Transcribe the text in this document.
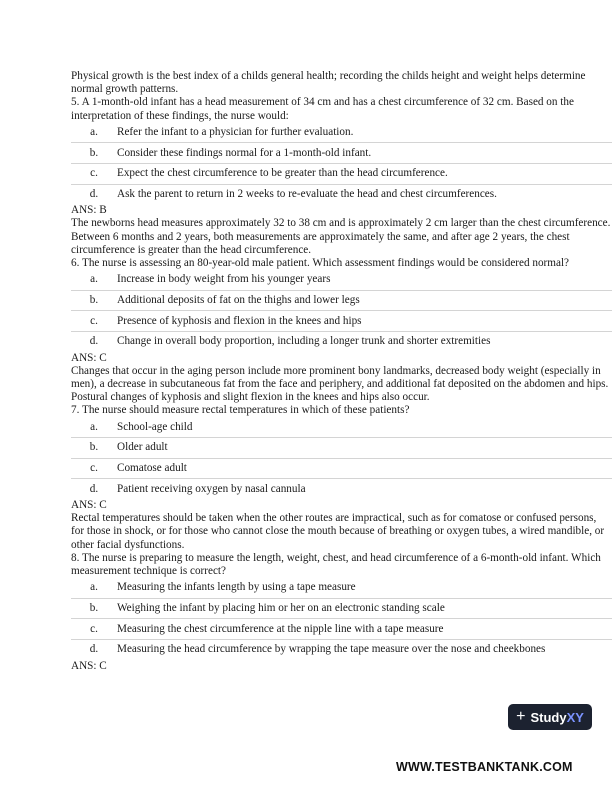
Physical growth is the best index of a childs general health; recording the childs height and weight helps determine normal growth patterns.

5. A 1-month-old infant has a head measurement of 34 cm and has a chest circumference of 32 cm. Based on the interpretation of these findings, the nurse would:

a.	Refer the infant to a physician for further evaluation.
b.	Consider these findings normal for a 1-month-old infant.
c.	Expect the chest circumference to be greater than the head circumference.
d.	Ask the parent to return in 2 weeks to re-evaluate the head and chest circumferences.

ANS: B

The newborns head measures approximately 32 to 38 cm and is approximately 2 cm larger than the chest circumference. Between 6 months and 2 years, both measurements are approximately the same, and after age 2 years, the chest circumference is greater than the head circumference.

6. The nurse is assessing an 80-year-old male patient. Which assessment findings would be considered normal?

a.	Increase in body weight from his younger years
b.	Additional deposits of fat on the thighs and lower legs
c.	Presence of kyphosis and flexion in the knees and hips
d.	Change in overall body proportion, including a longer trunk and shorter extremities

ANS: C

Changes that occur in the aging person include more prominent bony landmarks, decreased body weight (especially in men), a decrease in subcutaneous fat from the face and periphery, and additional fat deposited on the abdomen and hips. Postural changes of kyphosis and slight flexion in the knees and hips also occur.

7. The nurse should measure rectal temperatures in which of these patients?

a.	School-age child
b.	Older adult
c.	Comatose adult
d.	Patient receiving oxygen by nasal cannula

ANS: C

Rectal temperatures should be taken when the other routes are impractical, such as for comatose or confused persons, for those in shock, or for those who cannot close the mouth because of breathing or oxygen tubes, a wired mandible, or other facial dysfunctions.

8. The nurse is preparing to measure the length, weight, chest, and head circumference of a 6-month-old infant. Which measurement technique is correct?

a.	Measuring the infants length by using a tape measure
b.	Weighing the infant by placing him or her on an electronic standing scale
c.	Measuring the chest circumference at the nipple line with a tape measure
d.	Measuring the head circumference by wrapping the tape measure over the nose and cheekbones

ANS: C

+ StudyXY
WWW.TESTBANKTANK.COM
